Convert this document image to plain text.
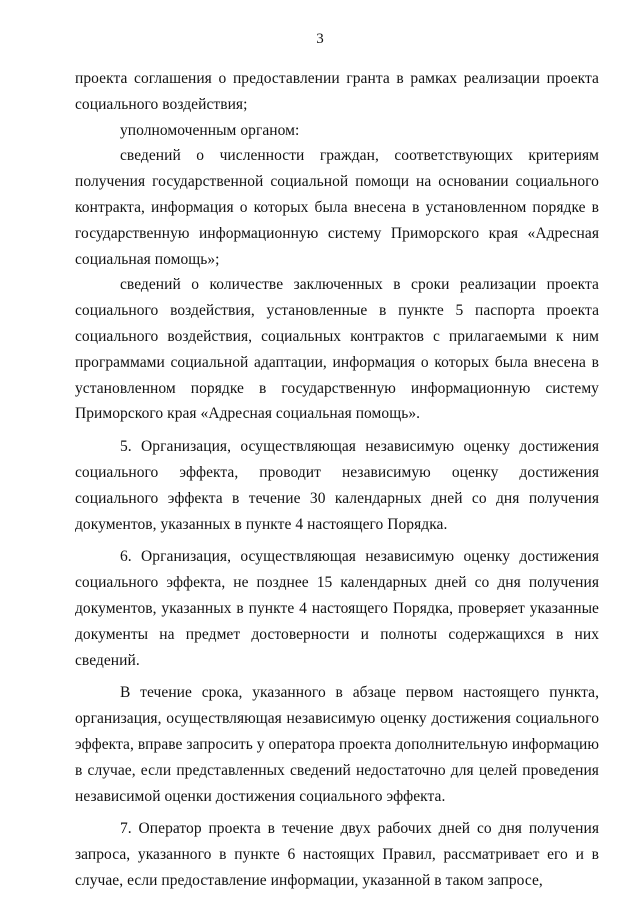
3

проекта соглашения о предоставлении гранта в рамках реализации проекта социального воздействия;

уполномоченным органом:

сведений о численности граждан, соответствующих критериям получения государственной социальной помощи на основании социального контракта, информация о которых была внесена в установленном порядке в государственную информационную систему Приморского края «Адресная социальная помощь»;

сведений о количестве заключенных в сроки реализации проекта социального воздействия, установленные в пункте 5 паспорта проекта социального воздействия, социальных контрактов с прилагаемыми к ним программами социальной адаптации, информация о которых была внесена в установленном порядке в государственную информационную систему Приморского края «Адресная социальная помощь».

5. Организация, осуществляющая независимую оценку достижения социального эффекта, проводит независимую оценку достижения социального эффекта в течение 30 календарных дней со дня получения документов, указанных в пункте 4 настоящего Порядка.

6. Организация, осуществляющая независимую оценку достижения социального эффекта, не позднее 15 календарных дней со дня получения документов, указанных в пункте 4 настоящего Порядка, проверяет указанные документы на предмет достоверности и полноты содержащихся в них сведений.

В течение срока, указанного в абзаце первом настоящего пункта, организация, осуществляющая независимую оценку достижения социального эффекта, вправе запросить у оператора проекта дополнительную информацию в случае, если представленных сведений недостаточно для целей проведения независимой оценки достижения социального эффекта.

7. Оператор проекта в течение двух рабочих дней со дня получения запроса, указанного в пункте 6 настоящих Правил, рассматривает его и в случае, если предоставление информации, указанной в таком запросе,
